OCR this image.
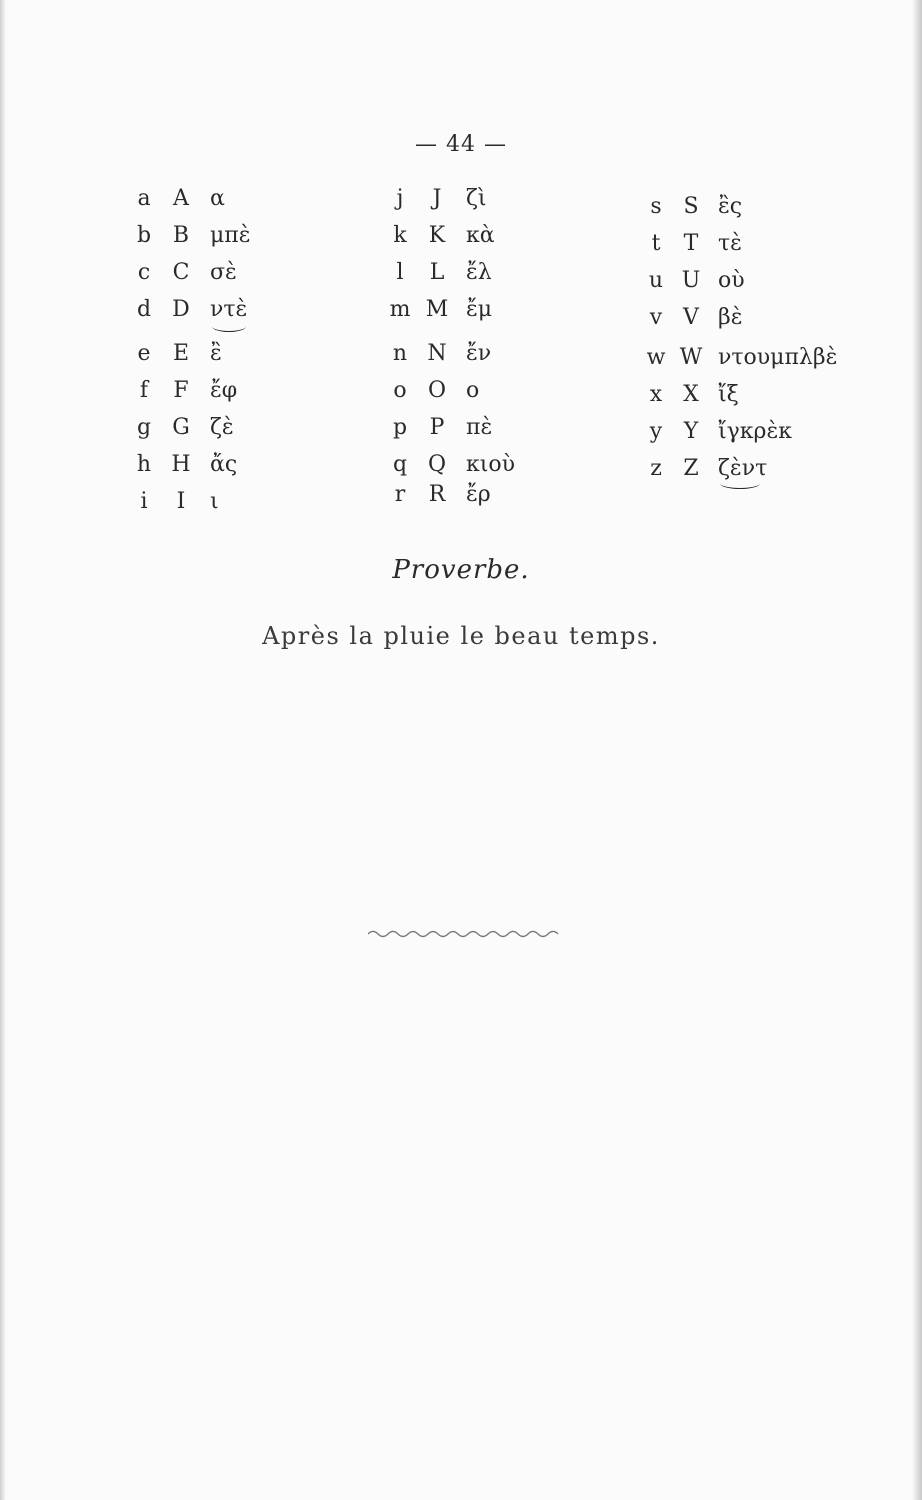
— 44 —
a A α
b B μπὲ
c C σὲ
d D ντὲ
e E ἒ
f	F ἔφ
g G ζὲ
h H ἄς
i	I	ι
j	J	ζὶ
k K κὰ
l	L ἔλ
m M ἔμ
n N ἔν
o O ο
p P πὲ
q Q κιοὺ
r	R ἔρ
s S ἒς
t	T τὲ
u U οὺ
v V βὲ
w W ντουμπλβὲ
x X ἴξ
y Y ἴγκρὲκ
z Z ζὲντ
Proverbe.
Après la pluie le beau temps.
